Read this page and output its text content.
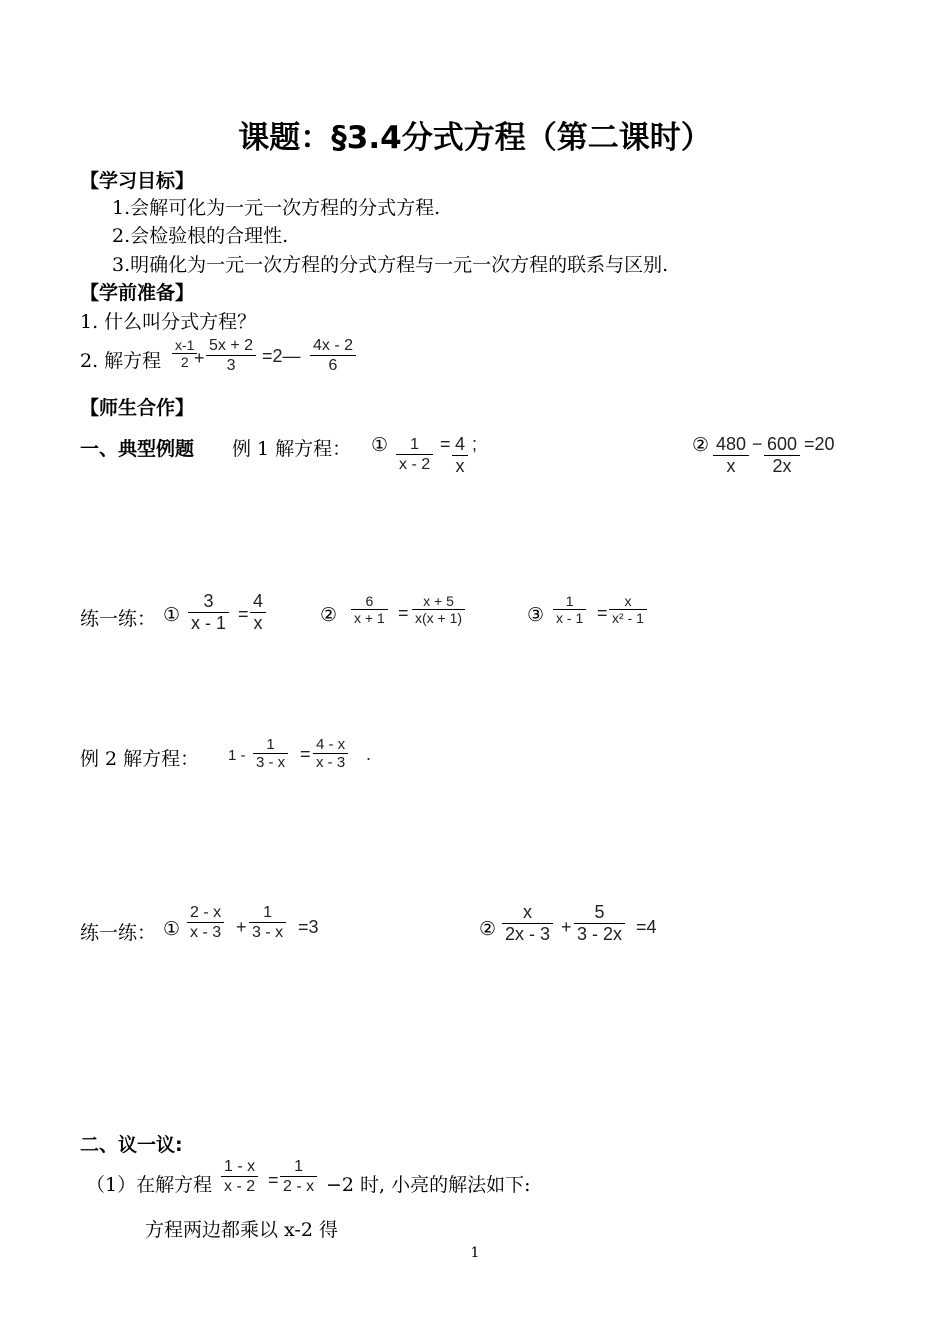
课题：§3.4分式方程（第二课时）
【学习目标】
1.会解可化为一元一次方程的分式方程.
2.会检验根的合理性.
3.明确化为一元一次方程的分式方程与一元一次方程的联系与区别.
【学前准备】
1. 什么叫分式方程？
2. 解方程
x-1
2 +
5x + 2
3 =2—
4x - 2
6
【师生合作】
一、典型例题 例 1 解方程： ① 1
x - 2
= 4
x
;	② 480
x
− 600
2x
=20
练一练： ①
3
x - 1 =
4
x	②
6
x + 1 =
x + 5
x(x + 1)	③
1
x - 1 =
x
x² - 1
例 2 解方程： 1 -
1
3 - x = 4 - x
x - 3 .
练一练： ①
2 - x
x - 3 +
1
3 - x =3	②
x
2x - 3 +
5
3 - 2x =4
二、议一议:
（1）在解方程
1 - x
x - 2 =
1
2 - x −2 时, 小亮的解法如下:
方程两边都乘以 x-2 得
1
